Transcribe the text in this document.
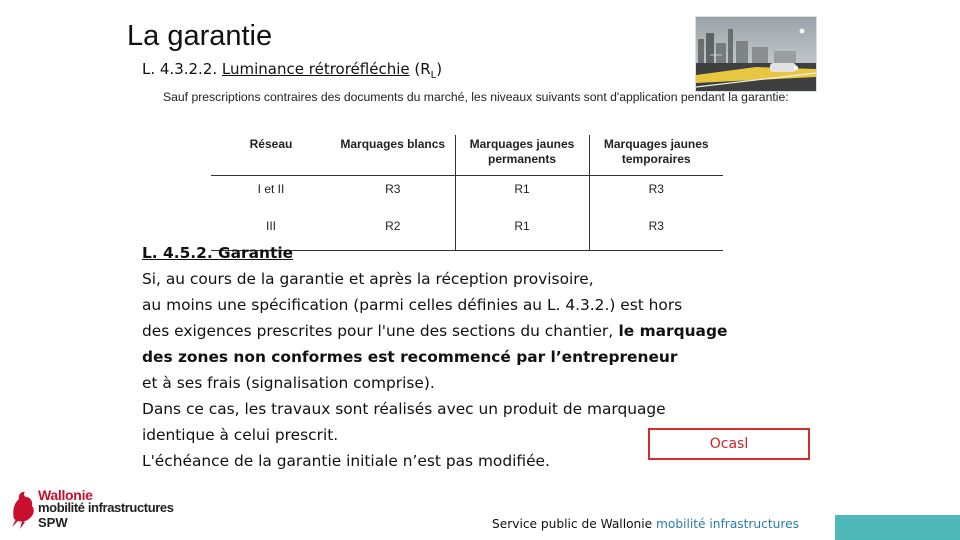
La garantie
L. 4.3.2.2. Luminance rétroréfléchie $(R_L)$
Sauf prescriptions contraires des documents du marché, les niveaux suivants sont d'application pendant la garantie:
Réseau	Marquages blancs	Marquages jaunes permanents	Marquages jaunes temporaires
I et II	R3	R1	R3
III	R2	R1	R3
L. 4.5.2. Garantie
Si, au cours de la garantie et après la réception provisoire,
au moins une spécification (parmi celles définies au L. 4.3.2.) est hors
des exigences prescrites pour l'une des sections du chantier, le marquage
des zones non conformes est recommencé par l’entrepreneur
et à ses frais (signalisation comprise).
Dans ce cas, les travaux sont réalisés avec un produit de marquage
identique à celui prescrit.
L'échéance de la garantie initiale n’est pas modifiée.
Ocasl
Wallonie
mobilité infrastructures
SPW	Service public de Wallonie mobilité infrastructures
